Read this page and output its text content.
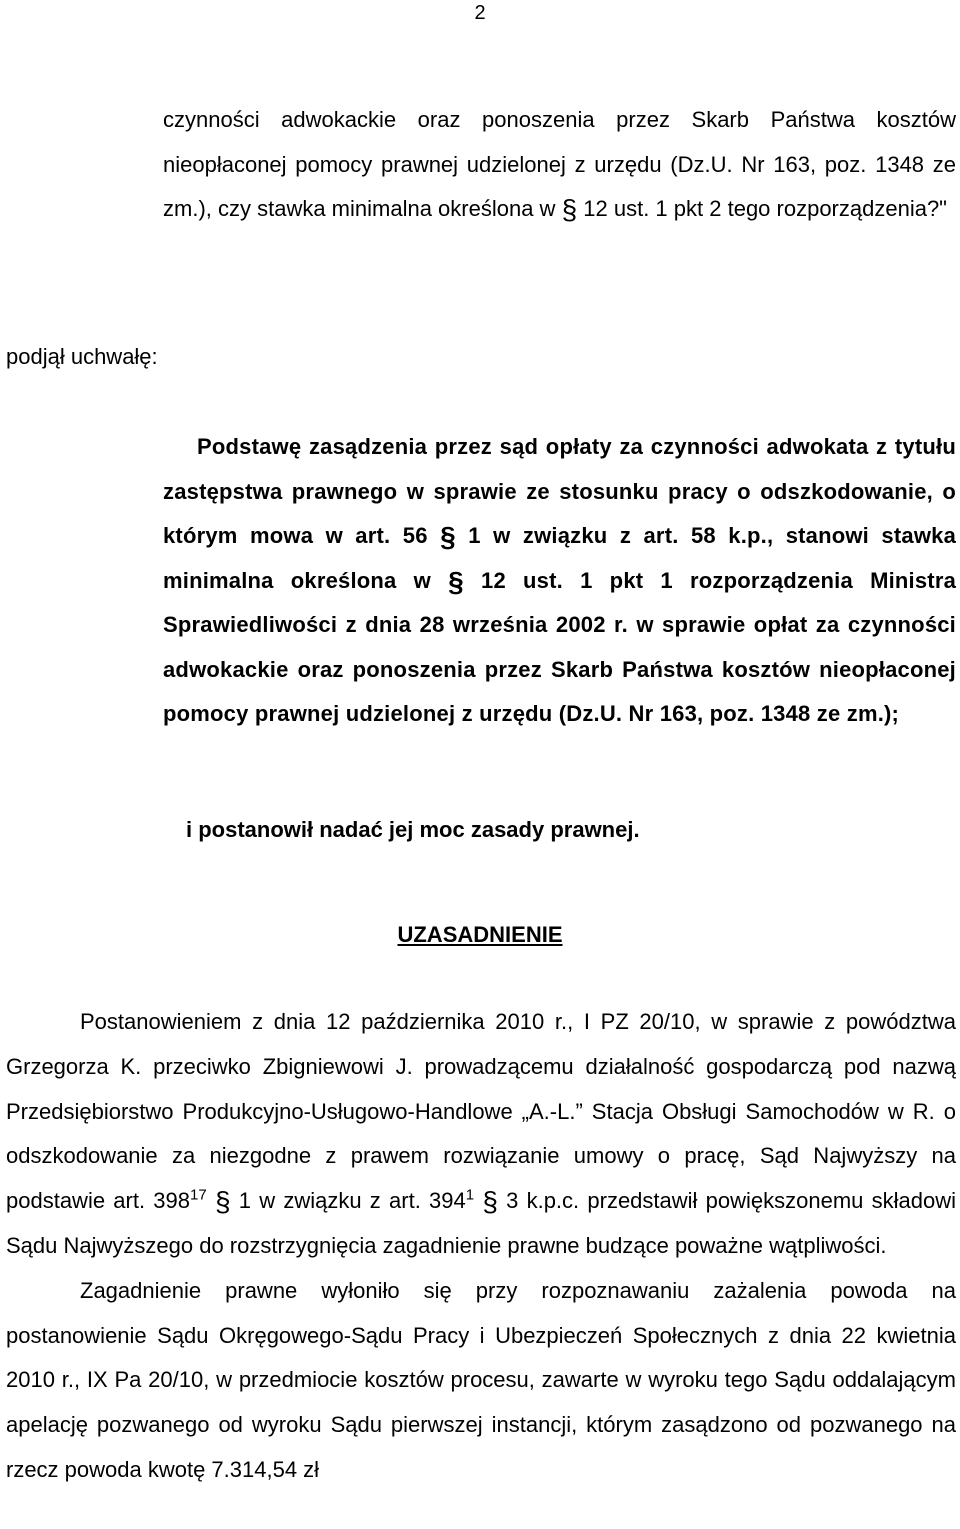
2

czynności adwokackie oraz ponoszenia przez Skarb Państwa kosztów nieopłaconej pomocy prawnej udzielonej z urzędu (Dz.U. Nr 163, poz. 1348 ze zm.), czy stawka minimalna określona w § 12 ust. 1 pkt 2 tego rozporządzenia?"

podjął uchwałę:

Podstawę zasądzenia przez sąd opłaty za czynności adwokata z tytułu zastępstwa prawnego w sprawie ze stosunku pracy o odszkodowanie, o którym mowa w art. 56 § 1 w związku z art. 58 k.p., stanowi stawka minimalna określona w § 12 ust. 1 pkt 1 rozporządzenia Ministra Sprawiedliwości z dnia 28 września 2002 r. w sprawie opłat za czynności adwokackie oraz ponoszenia przez Skarb Państwa kosztów nieopłaconej pomocy prawnej udzielonej z urzędu (Dz.U. Nr 163, poz. 1348 ze zm.);

i postanowił nadać jej moc zasady prawnej.

UZASADNIENIE
Postanowieniem z dnia 12 października 2010 r., I PZ 20/10, w sprawie z powództwa Grzegorza K. przeciwko Zbigniewowi J. prowadzącemu działalność gospodarczą pod nazwą Przedsiębiorstwo Produkcyjno-Usługowo-Handlowe „A.-L.” Stacja Obsługi Samochodów w R. o odszkodowanie za niezgodne z prawem rozwiązanie umowy o pracę, Sąd Najwyższy na podstawie art. $398^{17}$ § 1 w związku z art. $394^1$ § 3 k.p.c. przedstawił powiększonemu składowi Sądu Najwyższego do rozstrzygnięcia zagadnienie prawne budzące poważne wątpliwości.
Zagadnienie prawne wyłoniło się przy rozpoznawaniu zażalenia powoda na postanowienie Sądu Okręgowego-Sądu Pracy i Ubezpieczeń Społecznych z dnia 22 kwietnia 2010 r., IX Pa 20/10, w przedmiocie kosztów procesu, zawarte w wyroku tego Sądu oddalającym apelację pozwanego od wyroku Sądu pierwszej instancji, którym zasądzono od pozwanego na rzecz powoda kwotę 7.314,54 zł
